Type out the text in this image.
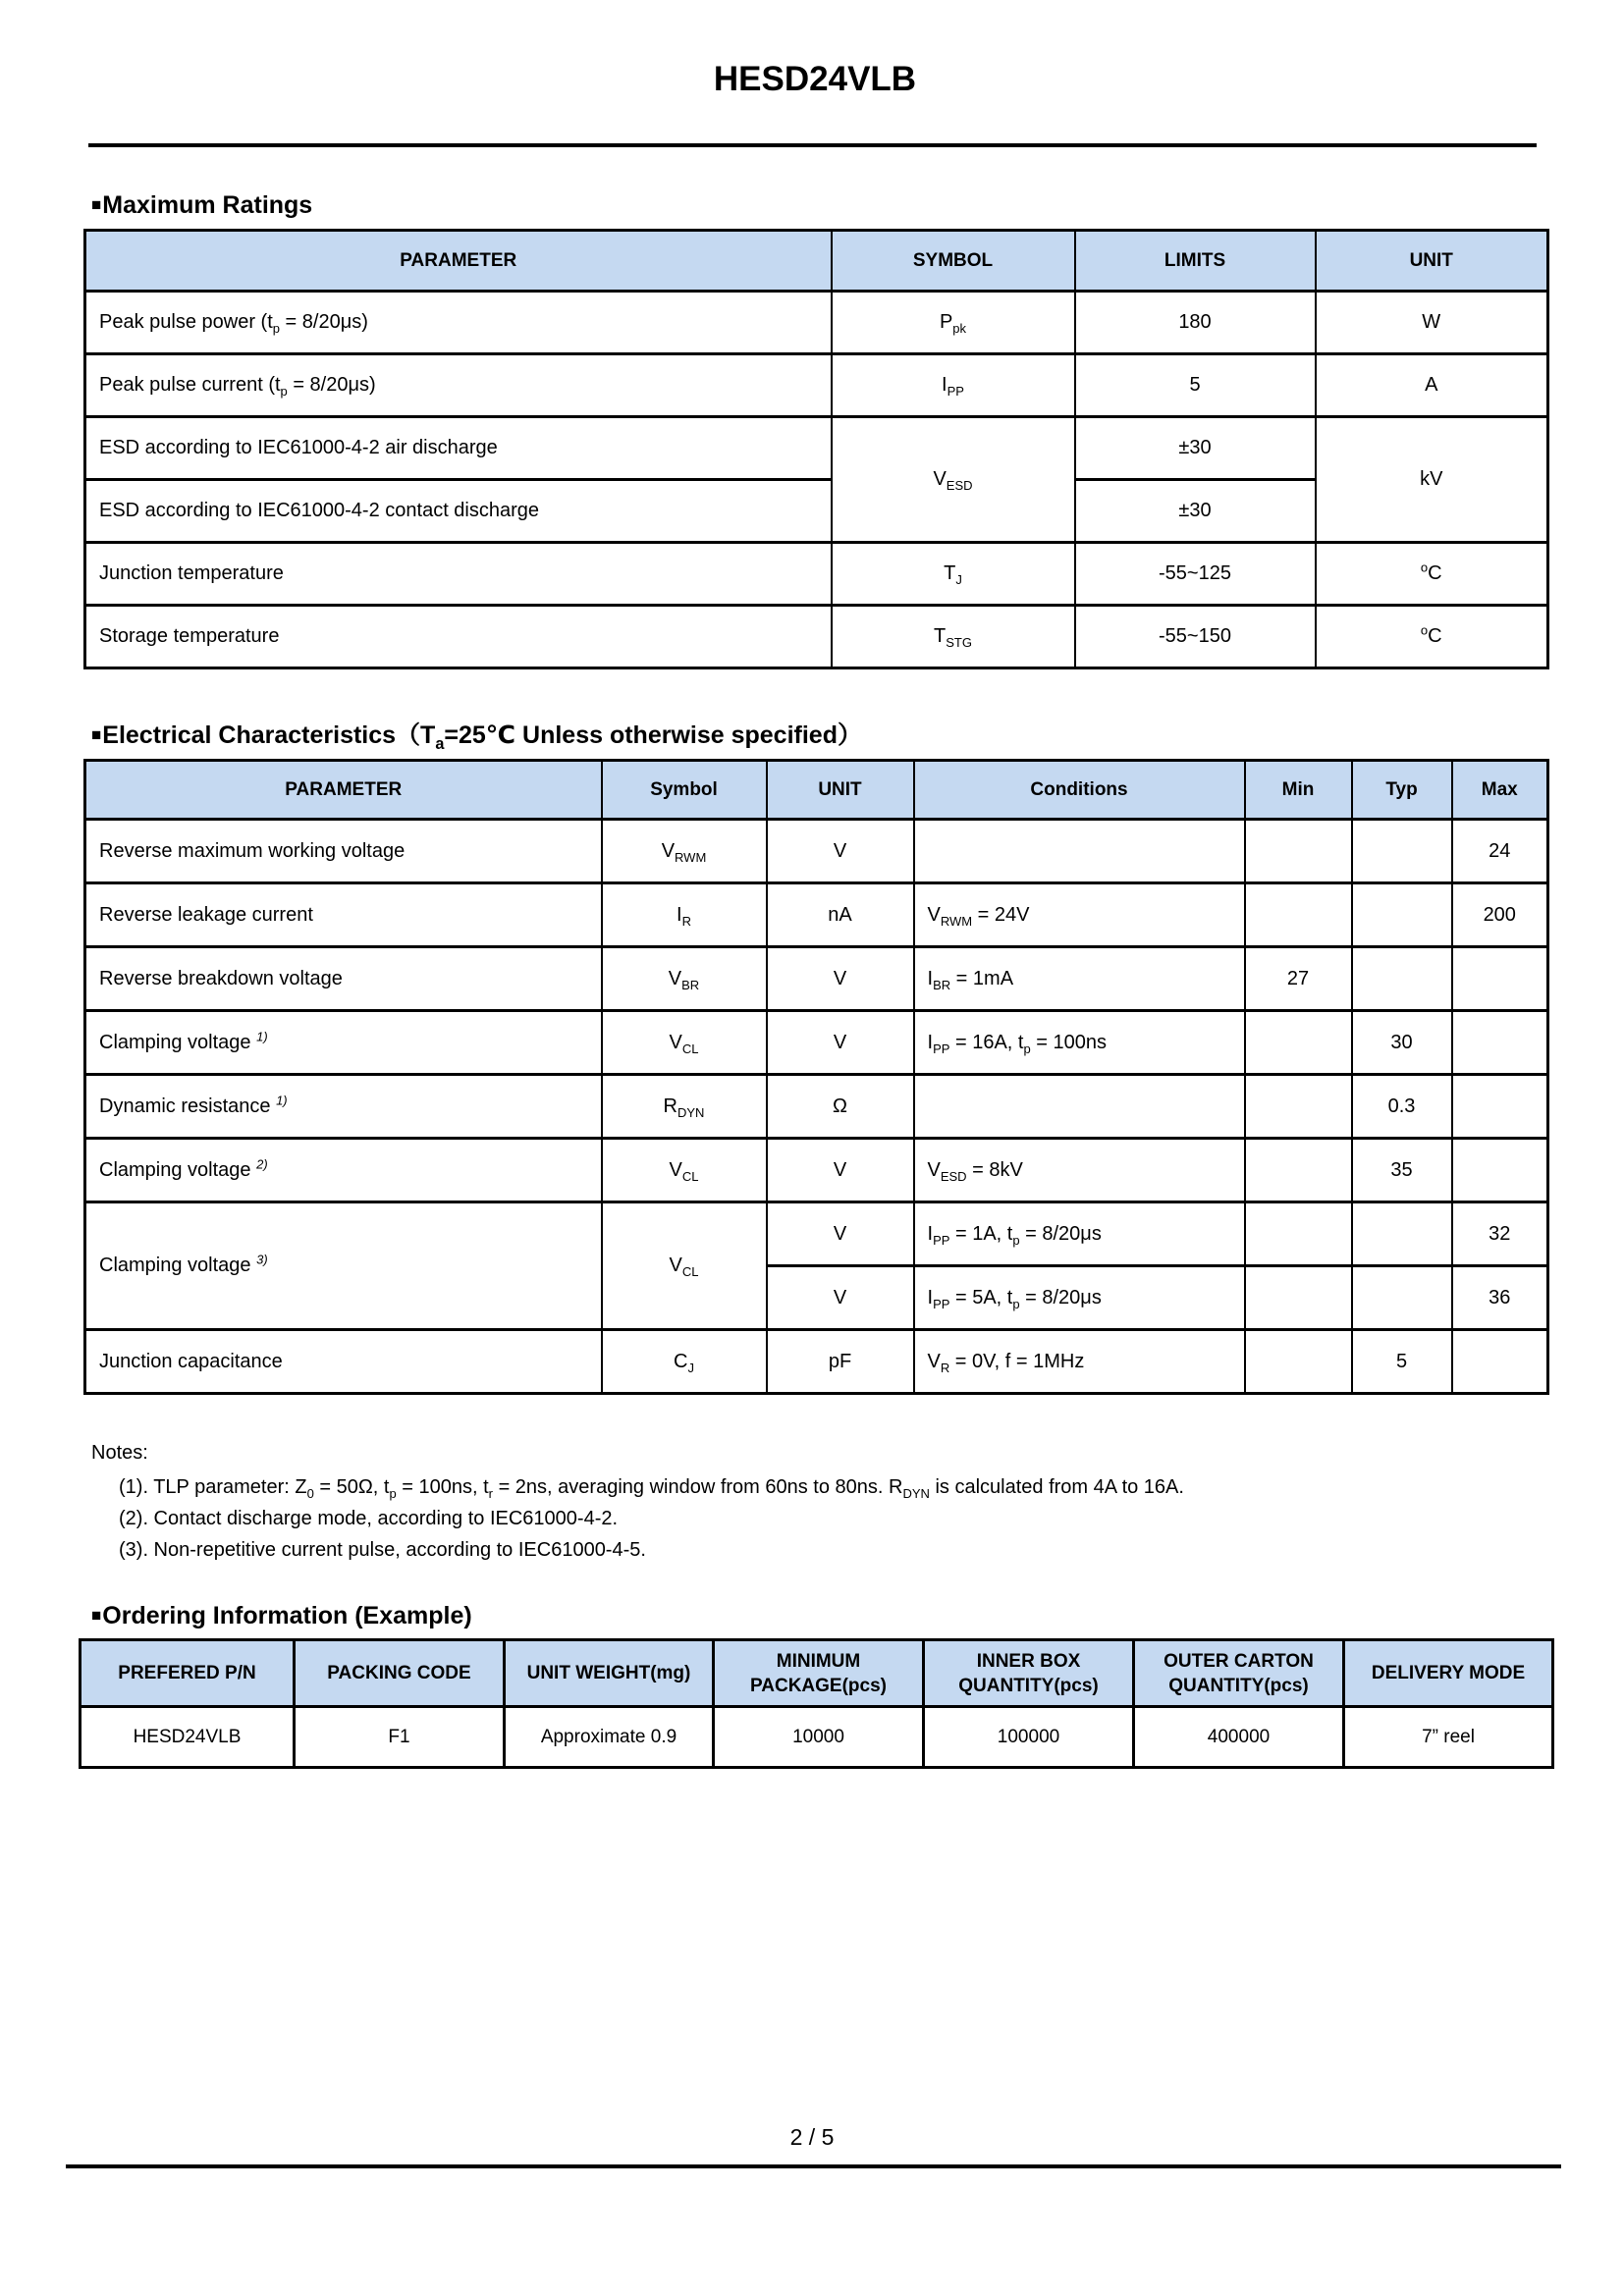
HESD24VLB
■Maximum Ratings
PARAMETER	SYMBOL	LIMITS	UNIT
Peak pulse power $(t_p = 8/20\mu s)$	$P_{pk}$	180	W
Peak pulse current $(t_p = 8/20\mu s)$	$I_{PP}$	5	A
ESD according to IEC61000-4-2 air discharge	$V_{ESD}$	±30	kV
ESD according to IEC61000-4-2 contact discharge		±30	
Junction temperature	$T_J$	-55~125	$^o$C
Storage temperature	$T_{STG}$	-55~150	$^o$C
■Electrical $Characteristics(T_a=25℃$ Unless otherwise specified）
PARAMETER	Symbol	UNIT	Conditions	Min	Typ	Max
Reverse maximum working voltage	$V_{RWM}$	V				24
Reverse leakage current	$I_R$	nA	$V_{RWM} = 24V$			200
Reverse breakdown voltage	$V_{BR}$	V	$I_{BR} = 1mA$	27		
Clamping voltage $^{1)}$	$V_{CL}$	V	$I_{PP} = 16A$, $t_p = 100ns$		30	
Dynamic resistance $^{1)}$	$R_{DYN}$	Ω			0.3	
Clamping voltage $^{2)}$	$V_{CL}$	V	$V_{ESD} = 8kV$		35	
Clamping voltage $^{3)}$	$V_{CL}$	V	$I_{PP} = 1A$, $t_p = 8/20\mu s$			32
		V	$I_{PP} = 5A$, $t_p = 8/20\mu s$			36
Junction capacitance	$C_J$	pF	$V_R = 0V$, f = 1MHz		5	
Notes:
(1). TLP parameter: $Z_0 = 50\Omega$, $t_p = 100ns$, $t_r = 2ns$, averaging window from 60ns to 80ns. $R_{DYN}$ is calculated from 4A to 16A.
(2). Contact discharge mode, according to IEC61000-4-2.
(3). Non-repetitive current pulse, according to IEC61000-4-5.
■Ordering Information (Example)
PREFERED P/N	PACKING CODE	UNIT WEIGHT(mg)	MINIMUM PACKAGE(pcs)	INNER BOX QUANTITY(pcs)	OUTER CARTON QUANTITY(pcs)	DELIVERY MODE
HESD24VLB	F1	Approximate 0.9	10000	100000	400000	7” reel
2 / 5
